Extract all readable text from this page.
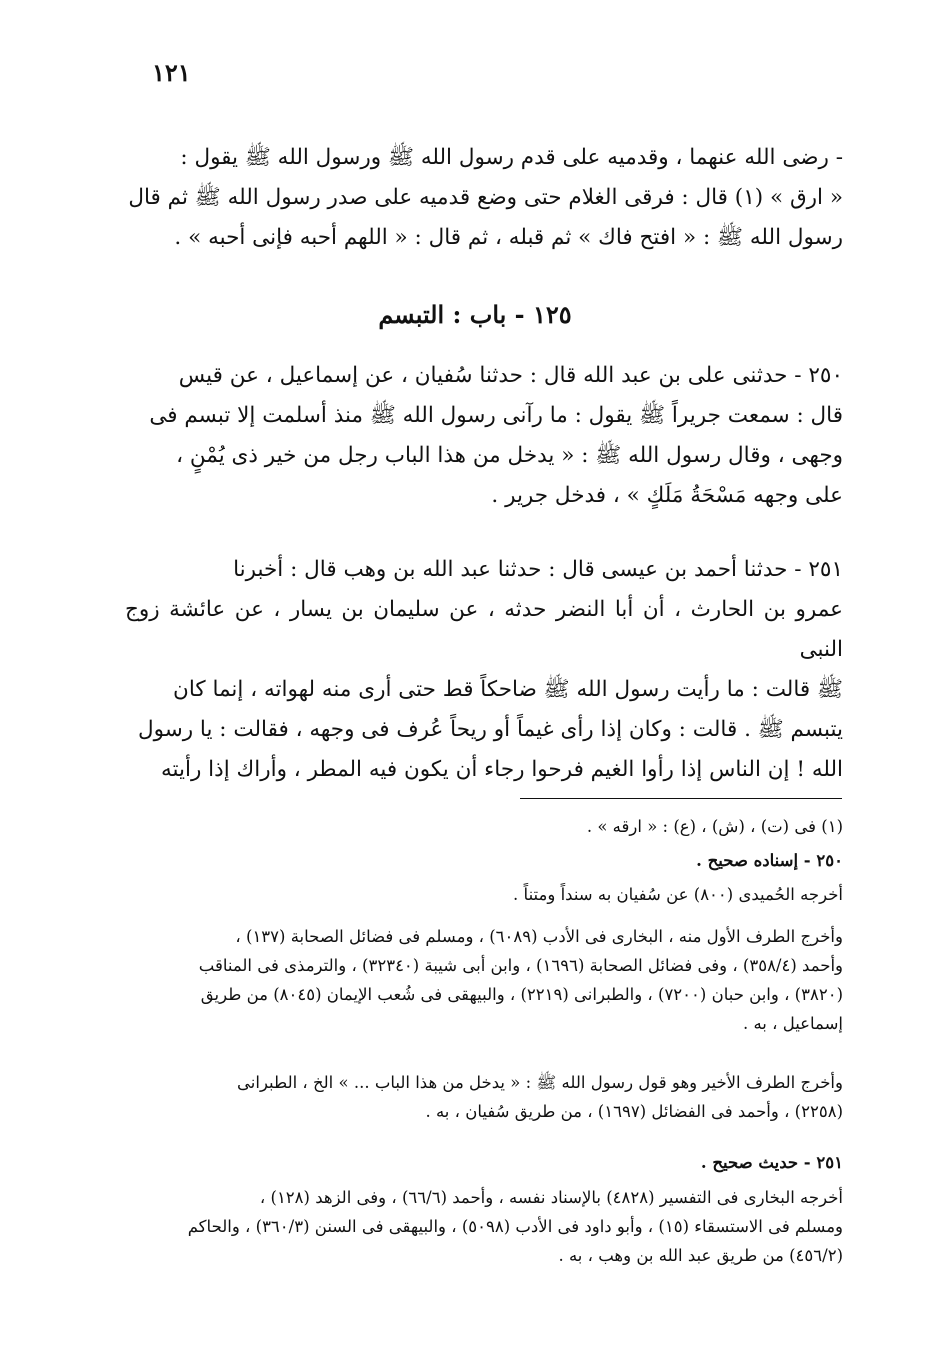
١٢١

- رضى الله عنهما ، وقدميه على قدم رسول الله ﷺ ورسول الله ﷺ يقول :

« ارق » (١) قال : فرقى الغلام حتى وضع قدميه على صدر رسول الله ﷺ ثم قال

رسول الله ﷺ : « افتح فاك » ثم قبله ، ثم قال : « اللهم أحبه فإنى أحبه » .

١٢٥ - باب : التبسم

٢٥٠ - حدثنى على بن عبد الله قال : حدثنا سُفيان ، عن إسماعيل ، عن قيس

قال : سمعت جريراً ﷺ يقول : ما رآنى رسول الله ﷺ منذ أسلمت إلا تبسم فى

وجهى ، وقال رسول الله ﷺ : « يدخل من هذا الباب رجل من خير ذى يُمْنٍ ،

على وجهه مَسْحَةُ مَلَكٍ » ، فدخل جرير .

٢٥١ - حدثنا أحمد بن عيسى قال : حدثنا عبد الله بن وهب قال : أخبرنا

عمرو بن الحارث ، أن أبا النضر حدثه ، عن سليمان بن يسار ، عن عائشة زوج النبى

ﷺ قالت : ما رأيت رسول الله ﷺ ضاحكاً قط حتى أرى منه لهواته ، إنما كان

يتبسم ﷺ . قالت : وكان إذا رأى غيماً أو ريحاً عُرف فى وجهه ، فقالت : يا رسول

الله ! إن الناس إذا رأوا الغيم فرحوا رجاء أن يكون فيه المطر ، وأراك إذا رأيته

(١) فى (ت) ، (ش) ، (ع) : « ارقه » .

٢٥٠ - إسناده صحيح .

أخرجه الحُميدى (٨٠٠) عن سُفيان به سنداً ومتناً .

وأخرج الطرف الأول منه ، البخارى فى الأدب (٦٠٨٩) ، ومسلم فى فضائل الصحابة (١٣٧) ،

وأحمد (٣٥٨/٤) ، وفى فضائل الصحابة (١٦٩٦) ، وابن أبى شيبة (٣٢٣٤٠) ، والترمذى فى المناقب

(٣٨٢٠) ، وابن حبان (٧٢٠٠) ، والطبرانى (٢٢١٩) ، والبيهقى فى شُعب الإيمان (٨٠٤٥) من طريق

إسماعيل ، به .

وأخرج الطرف الأخير وهو قول رسول الله ﷺ : « يدخل من هذا الباب ... » الخ ، الطبرانى

(٢٢٥٨) ، وأحمد فى الفضائل (١٦٩٧) ، من طريق سُفيان ، به .

٢٥١ - حديث صحيح .

أخرجه البخارى فى التفسير (٤٨٢٨) بالإسناد نفسه ، وأحمد (٦٦/٦) ، وفى الزهد (١٢٨) ،

ومسلم فى الاستسقاء (١٥) ، وأبو داود فى الأدب (٥٠٩٨) ، والبيهقى فى السنن (٣٦٠/٣) ، والحاكم

(٤٥٦/٢) من طريق عبد الله بن وهب ، به .
